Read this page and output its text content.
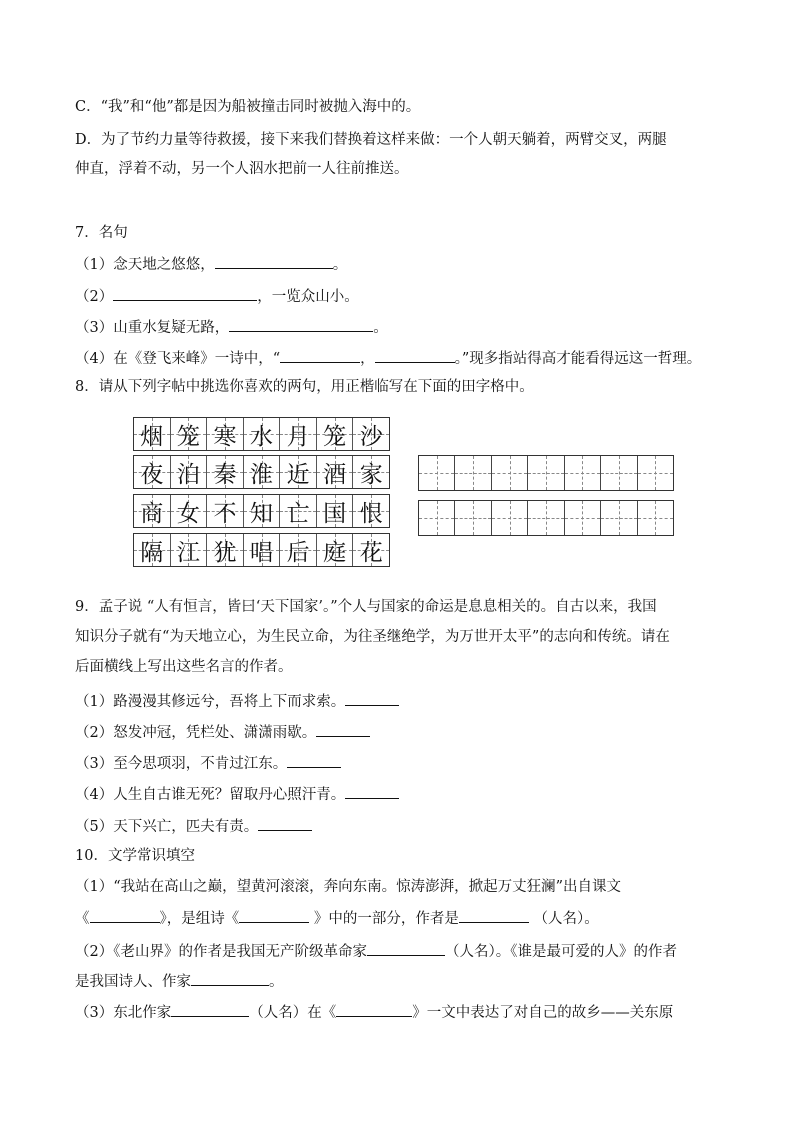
C．“我”和“他”都是因为船被撞击同时被抛入海中的。
D．为了节约力量等待救援，接下来我们替换着这样来做：一个人朝天躺着，两臂交叉，两腿
伸直，浮着不动，另一个人泅水把前一人往前推送。
7．名句
（1）念天地之悠悠，	。
（2）	，一览众山小。
（3）山重水复疑无路，	。
（4）在《登飞来峰》一诗中，“	，	。”现多指站得高才能看得远这一哲理。
8．请从下列字帖中挑选你喜欢的两句，用正楷临写在下面的田字格中。
烟 笼 寒 水 月 笼 沙
夜 泊 秦 淮 近 酒 家
商 女 不 知 亡 国 恨
隔 江 犹 唱 后 庭 花
9．孟子说 “人有恒言，皆曰‘天下国家’。”个人与国家的命运是息息相关的。自古以来，我国
知识分子就有“为天地立心，为生民立命，为往圣继绝学，为万世开太平”的志向和传统。请在
后面横线上写出这些名言的作者。
（1）路漫漫其修远兮，吾将上下而求索。
（2）怒发冲冠，凭栏处、潇潇雨歇。
（3）至今思项羽，不肯过江东。
（4）人生自古谁无死？留取丹心照汗青。
（5）天下兴亡，匹夫有责。
10．文学常识填空
（1）“我站在高山之巅，望黄河滚滚，奔向东南。惊涛澎湃，掀起万丈狂澜”出自课文
《	》，是组诗《	》中的一部分，作者是	（人名）。
（2）《老山界》的作者是我国无产阶级革命家	（人名）。《谁是最可爱的人》的作者
是我国诗人、作家	。
（3）东北作家	（人名）在《	》一文中表达了对自己的故乡——关东原
